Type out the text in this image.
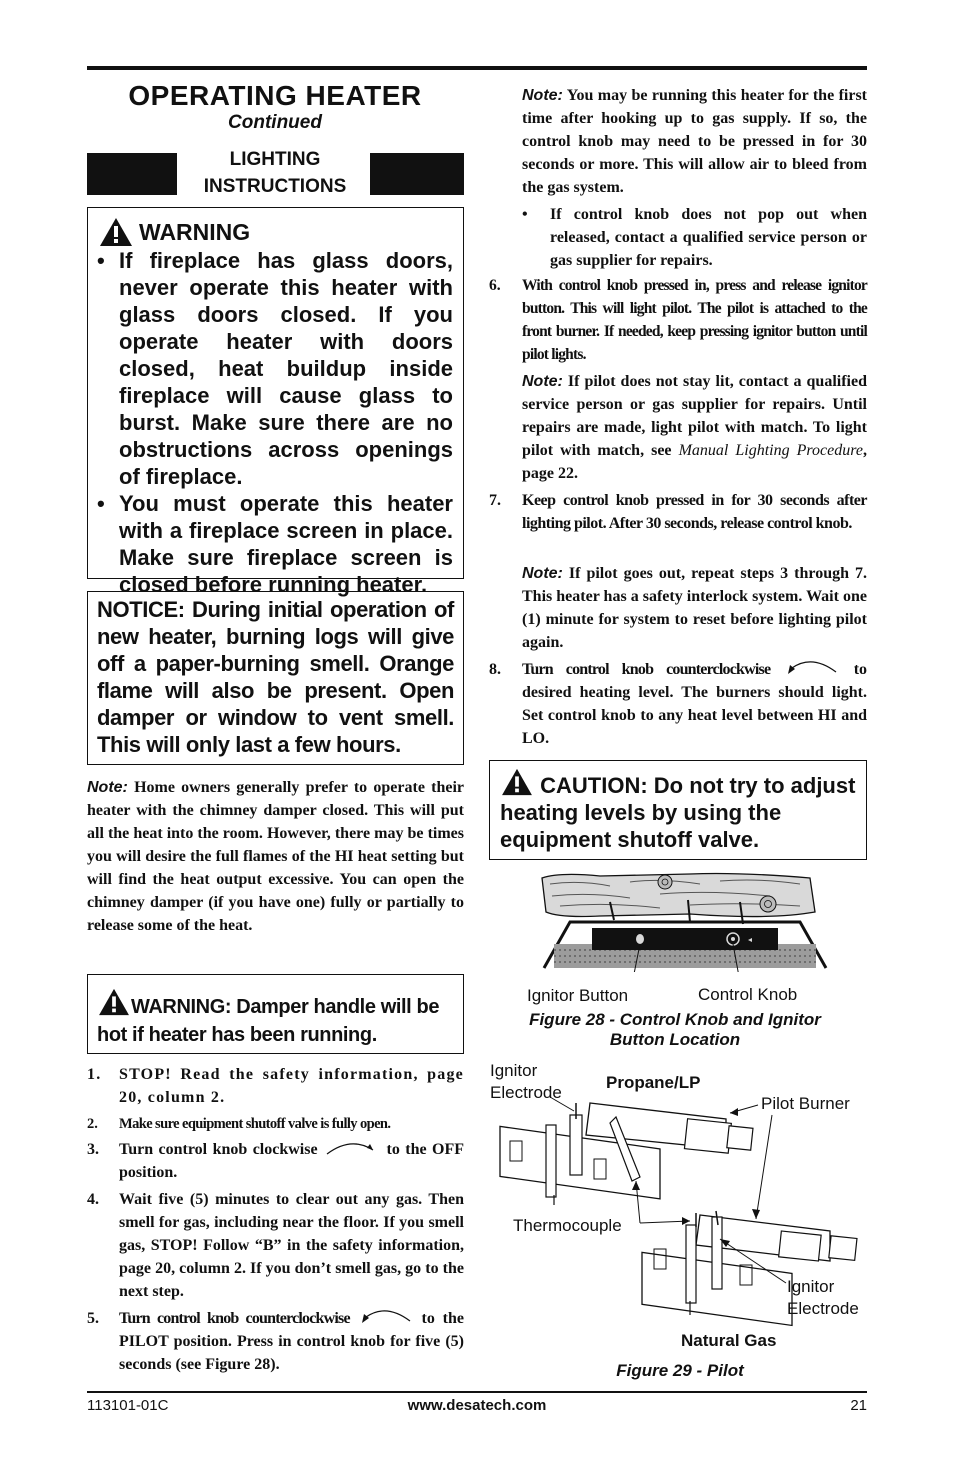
OPERATING HEATER
Continued
LIGHTING INSTRUCTIONS
WARNING
• If fireplace has glass doors, never operate this heater with glass doors closed. If you operate heater with doors closed, heat buildup inside fireplace will cause glass to burst. Make sure there are no obstructions across openings of fireplace.
• You must operate this heater with a fireplace screen in place. Make sure fireplace screen is closed before running heater.
NOTICE: During initial operation of new heater, burning logs will give off a paper-burning smell. Orange flame will also be present. Open damper or window to vent smell. This will only last a few hours.
Note: Home owners generally prefer to operate their heater with the chimney damper closed. This will put all the heat into the room. However, there may be times you will desire the full flames of the HI heat setting but will find the heat output excessive. You can open the chimney damper (if you have one) fully or partially to release some of the heat.
WARNING: Damper handle will be hot if heater has been running.
1. STOP! Read the safety information, page 20, column 2.
2. Make sure equipment shutoff valve is fully open.
3. Turn control knob clockwise	to the OFF position.
4. Wait five (5) minutes to clear out any gas. Then smell for gas, including near the floor. If you smell gas, STOP! Follow “B” in the safety information, page 20, column 2. If you don’t smell gas, go to the next step.
5. Turn control knob counterclockwise	to the PILOT position. Press in control knob for five (5) seconds (see Figure 28).
Note: You may be running this heater for the first time after hooking up to gas supply. If so, the control knob may need to be pressed in for 30 seconds or more. This will allow air to bleed from the gas system.
• If control knob does not pop out when released, contact a qualified service person or gas supplier for repairs.
6. With control knob pressed in, press and release ignitor button. This will light pilot. The pilot is attached to the front burner. If needed, keep pressing ignitor button until pilot lights.
Note: If pilot does not stay lit, contact a qualified service person or gas supplier for repairs. Until repairs are made, light pilot with match. To light pilot with match, see Manual Lighting Procedure, page 22.
7. Keep control knob pressed in for 30 seconds after lighting pilot. After 30 seconds, release control knob.
Note: If pilot goes out, repeat steps 3 through 7. This heater has a safety interlock system. Wait one (1) minute for system to reset before lighting pilot again.
8. Turn control knob counterclockwise	to desired heating level. The burners should light. Set control knob to any heat level between HI and LO.
CAUTION: Do not try to adjust heating levels by using the equipment shutoff valve.
Ignitor Button	Control Knob
Figure 28 - Control Knob and Ignitor Button Location
Ignitor Electrode
Propane/LP
Pilot Burner
Thermocouple
Ignitor Electrode
Natural Gas
Figure 29 - Pilot
113101-01C	www.desatech.com	21
